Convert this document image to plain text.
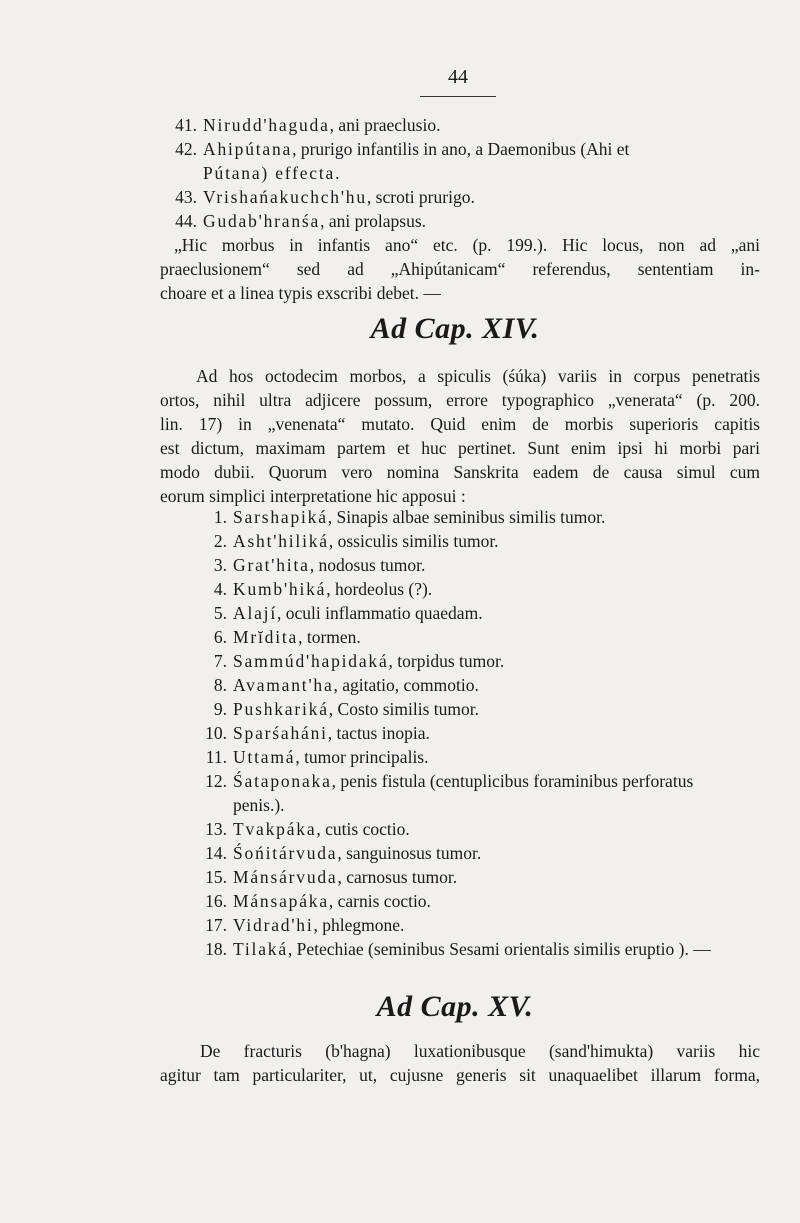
44
41. Nirudd'haguda, ani praeclusio.
42. Ahipútana, prurigo infantilis in ano, a Daemonibus (Ahi et
Pútana) effecta.
43. Vrishańakuchch'hu, scroti prurigo.
44. Gudab'hranśa, ani prolapsus.
„Hic morbus in infantis ano“ etc. (p. 199.). Hic locus, non ad „ani
praeclusionem“ sed ad „Ahipútanicam“ referendus, sententiam in-
choare et a linea typis exscribi debet. —
Ad Cap. XIV.
Ad hos octodecim morbos, a spiculis (śúka) variis in corpus penetratis
ortos, nihil ultra adjicere possum, errore typographico „venerata“ (p. 200.
lin. 17) in „venenata“ mutato. Quid enim de morbis superioris capitis
est dictum, maximam partem et huc pertinet. Sunt enim ipsi hi morbi pari
modo dubii. Quorum vero nomina Sanskrita eadem de causa simul cum
eorum simplici interpretatione hic apposui :
1. Sarshapiká, Sinapis albae seminibus similis tumor.
2. Asht'hiliká, ossiculis similis tumor.
3. Grat'hita, nodosus tumor.
4. Kumb'hiká, hordeolus (?).
5. Alají, oculi inflammatio quaedam.
6. Mrĭdita, tormen.
7. Sammúd'hapidaká, torpidus tumor.
8. Avamant'ha, agitatio, commotio.
9. Pushkariká, Costo similis tumor.
10. Sparśaháni, tactus inopia.
11. Uttamá, tumor principalis.
12. Śataponaka, penis fistula (centuplicibus foraminibus perforatus
penis.).
13. Tvakpáka, cutis coctio.
14. Śońitárvuda, sanguinosus tumor.
15. Mánsárvuda, carnosus tumor.
16. Mánsapáka, carnis coctio.
17. Vidrad'hi, phlegmone.
18. Tilaká, Petechiae (seminibus Sesami orientalis similis eruptio ). —
Ad Cap. XV.
De fracturis (b'hagna) luxationibusque (sand'himukta) variis hic
agitur tam particulariter, ut, cujusne generis sit unaquaelibet illarum forma,
